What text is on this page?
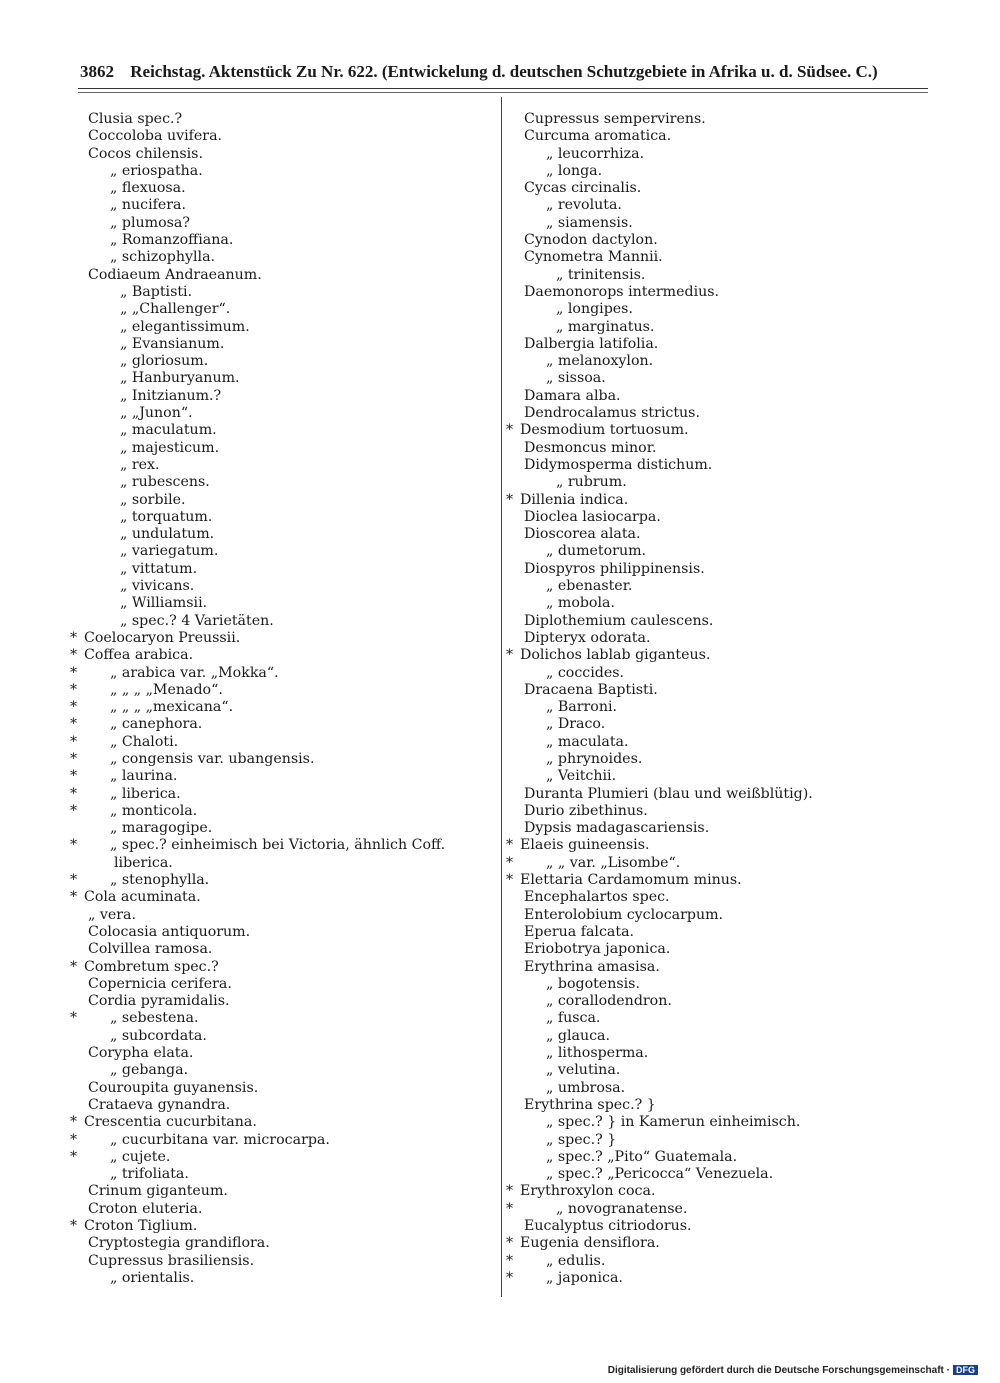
3862 Reichstag. Aktenstück Zu Nr. 622. (Entwickelung d. deutschen Schutzgebiete in Afrika u. d. Südsee. C.)
Clusia spec.?
Coccoloba uvifera.
Cocos chilensis.
„ eriospatha.
„ flexuosa.
„ nucifera.
„ plumosa?
„ Romanzoffiana.
„ schizophylla.
Codiaeum Andraeanum.
„ Baptisti.
„ „Challenger“.
„ elegantissimum.
„ Evansianum.
„ gloriosum.
„ Hanburyanum.
„ Initzianum.?
„ „Junon“.
„ maculatum.
„ majesticum.
„ rex.
„ rubescens.
„ sorbile.
„ torquatum.
„ undulatum.
„ variegatum.
„ vittatum.
„ vivicans.
„ Williamsii.
„ spec.? 4 Varietäten.
* Coelocaryon Preussii.
* Coffea arabica.
* „ arabica var. „Mokka“.
* „ „ „ „Menado“.
* „ „ „ „mexicana“.
* „ canephora.
* „ Chaloti.
* „ congensis var. ubangensis.
* „ laurina.
* „ liberica.
* „ monticola.
„ maragogipe.
* „ spec.? einheimisch bei Victoria, ähnlich Coff.
liberica.
* „ stenophylla.
* Cola acuminata.
„ vera.
Colocasia antiquorum.
Colvillea ramosa.
* Combretum spec.?
Copernicia cerifera.
Cordia pyramidalis.
* „ sebestena.
„ subcordata.
Corypha elata.
„ gebanga.
Couroupita guyanensis.
Crataeva gynandra.
* Crescentia cucurbitana.
* „ cucurbitana var. microcarpa.
* „ cujete.
„ trifoliata.
Crinum giganteum.
Croton eluteria.
* Croton Tiglium.
Cryptostegia grandiflora.
Cupressus brasiliensis.
„ orientalis.
Cupressus sempervirens.
Curcuma aromatica.
„ leucorrhiza.
„ longa.
Cycas circinalis.
„ revoluta.
„ siamensis.
Cynodon dactylon.
Cynometra Mannii.
„ trinitensis.
Daemonorops intermedius.
„ longipes.
„ marginatus.
Dalbergia latifolia.
„ melanoxylon.
„ sissoa.
Damara alba.
Dendrocalamus strictus.
* Desmodium tortuosum.
Desmoncus minor.
Didymosperma distichum.
„ rubrum.
* Dillenia indica.
Dioclea lasiocarpa.
Dioscorea alata.
„ dumetorum.
Diospyros philippinensis.
„ ebenaster.
„ mobola.
Diplothemium caulescens.
Dipteryx odorata.
* Dolichos lablab giganteus.
„ coccides.
Dracaena Baptisti.
„ Barroni.
„ Draco.
„ maculata.
„ phrynoides.
„ Veitchii.
Duranta Plumieri (blau und weißblütig).
Durio zibethinus.
Dypsis madagascariensis.
* Elaeis guineensis.
* „ „ var. „Lisombe“.
* Elettaria Cardamomum minus.
Encephalartos spec.
Enterolobium cyclocarpum.
Eperua falcata.
Eriobotrya japonica.
Erythrina amasisa.
„ bogotensis.
„ corallodendron.
„ fusca.
„ glauca.
„ lithosperma.
„ velutina.
„ umbrosa.
Erythrina spec.? }
„ spec.? } in Kamerun einheimisch.
„ spec.? }
„ spec.? „Pito“ Guatemala.
„ spec.? „Pericocca“ Venezuela.
* Erythroxylon coca.
*	„ novogranatense.
Eucalyptus citriodorus.
* Eugenia densiflora.
* „ edulis.
* „ japonica.
Digitalisierung gefördert durch die Deutsche Forschungsgemeinschaft · DFG
